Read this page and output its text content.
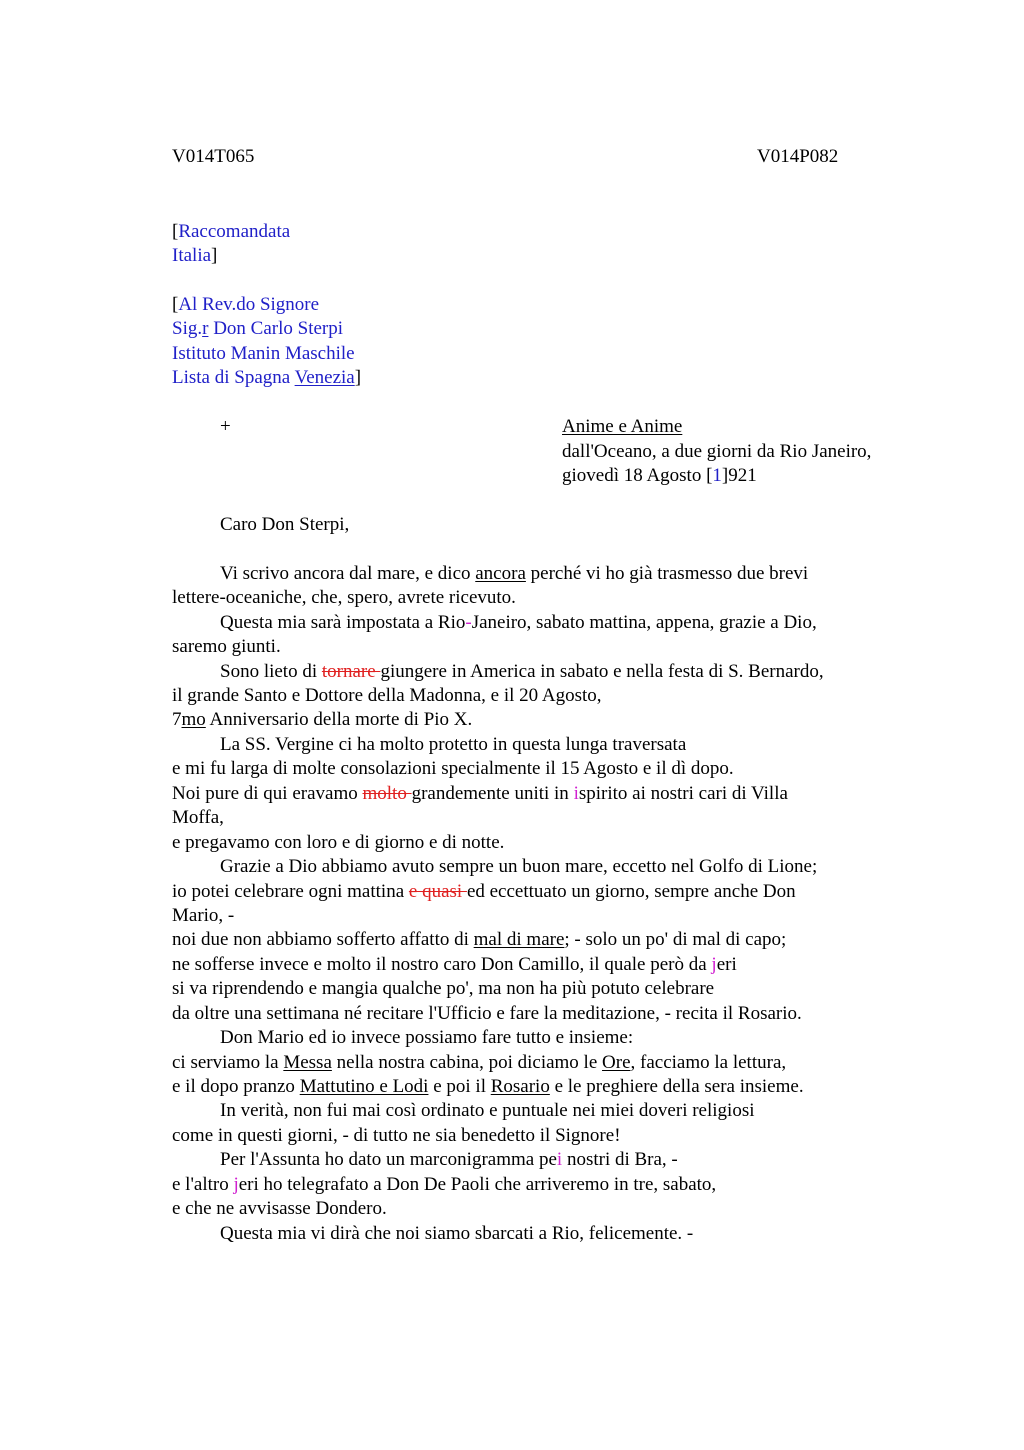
V014T065	V014P082
[Raccomandata
Italia]
[Al Rev.do Signore
Sig.r Don Carlo Sterpi
Istituto Manin Maschile
Lista di Spagna Venezia]
+	Anime e Anime
dall'Oceano, a due giorni da Rio Janeiro,
giovedì 18 Agosto [1]921
Caro Don Sterpi,
Vi scrivo ancora dal mare, e dico ancora perché vi ho già trasmesso due brevi
lettere-oceaniche, che, spero, avrete ricevuto.
Questa mia sarà impostata a Rio-Janeiro, sabato mattina, appena, grazie a Dio,
saremo giunti.
Sono lieto di tornare giungere in America in sabato e nella festa di S. Bernardo,
il grande Santo e Dottore della Madonna, e il 20 Agosto,
7mo Anniversario della morte di Pio X.
La SS. Vergine ci ha molto protetto in questa lunga traversata
e mi fu larga di molte consolazioni specialmente il 15 Agosto e il dì dopo.
Noi pure di qui eravamo molto grandemente uniti in ispirito ai nostri cari di Villa
Moffa,
e pregavamo con loro e di giorno e di notte.
Grazie a Dio abbiamo avuto sempre un buon mare, eccetto nel Golfo di Lione;
io potei celebrare ogni mattina e quasi ed eccettuato un giorno, sempre anche Don
Mario, -
noi due non abbiamo sofferto affatto di mal di mare; - solo un po' di mal di capo;
ne sofferse invece e molto il nostro caro Don Camillo, il quale però da jeri
si va riprendendo e mangia qualche po', ma non ha più potuto celebrare
da oltre una settimana né recitare l'Ufficio e fare la meditazione, - recita il Rosario.
Don Mario ed io invece possiamo fare tutto e insieme:
ci serviamo la Messa nella nostra cabina, poi diciamo le Ore, facciamo la lettura,
e il dopo pranzo Mattutino e Lodi e poi il Rosario e le preghiere della sera insieme.
In verità, non fui mai così ordinato e puntuale nei miei doveri religiosi
come in questi giorni, - di tutto ne sia benedetto il Signore!
Per l'Assunta ho dato un marconigramma pei nostri di Bra, -
e l'altro jeri ho telegrafato a Don De Paoli che arriveremo in tre, sabato,
e che ne avvisasse Dondero.
Questa mia vi dirà che noi siamo sbarcati a Rio, felicemente. -
